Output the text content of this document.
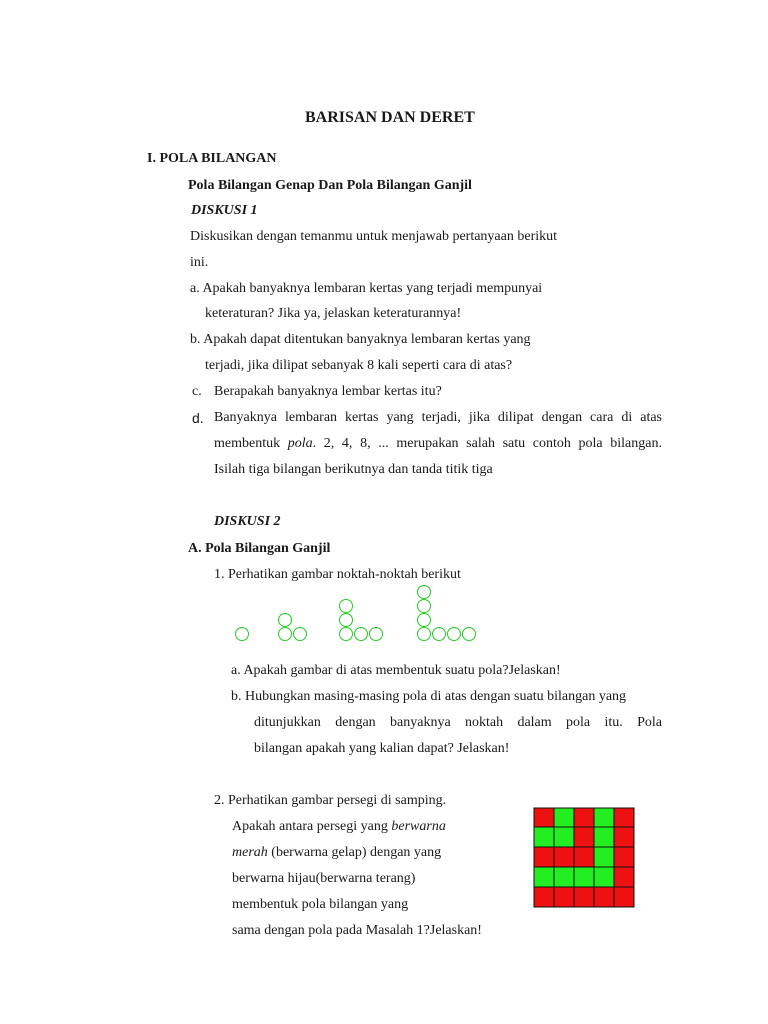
BARISAN DAN DERET
I. POLA BILANGAN
Pola Bilangan Genap Dan Pola Bilangan Ganjil
DISKUSI 1
Diskusikan dengan temanmu untuk menjawab pertanyaan berikut
ini.
a. Apakah banyaknya lembaran kertas yang terjadi mempunyai
keteraturan? Jika ya, jelaskan keteraturannya!
b. Apakah dapat ditentukan banyaknya lembaran kertas yang
terjadi, jika dilipat sebanyak 8 kali seperti cara di atas?
c. Berapakah banyaknya lembar kertas itu?
d. Banyaknya lembaran kertas yang terjadi, jika dilipat dengan cara di atas
membentuk pola. 2, 4, 8, ... merupakan salah satu contoh pola bilangan.
Isilah tiga bilangan berikutnya dan tanda titik tiga
DISKUSI 2
A. Pola Bilangan Ganjil
1. Perhatikan gambar noktah-noktah berikut
a. Apakah gambar di atas membentuk suatu pola?Jelaskan!
b. Hubungkan masing-masing pola di atas dengan suatu bilangan yang
ditunjukkan dengan banyaknya noktah dalam pola itu. Pola
bilangan apakah yang kalian dapat? Jelaskan!
2. Perhatikan gambar persegi di samping.
Apakah antara persegi yang berwarna
merah (berwarna gelap) dengan yang
berwarna hijau(berwarna terang)
membentuk pola bilangan yang
sama dengan pola pada Masalah 1?Jelaskan!
